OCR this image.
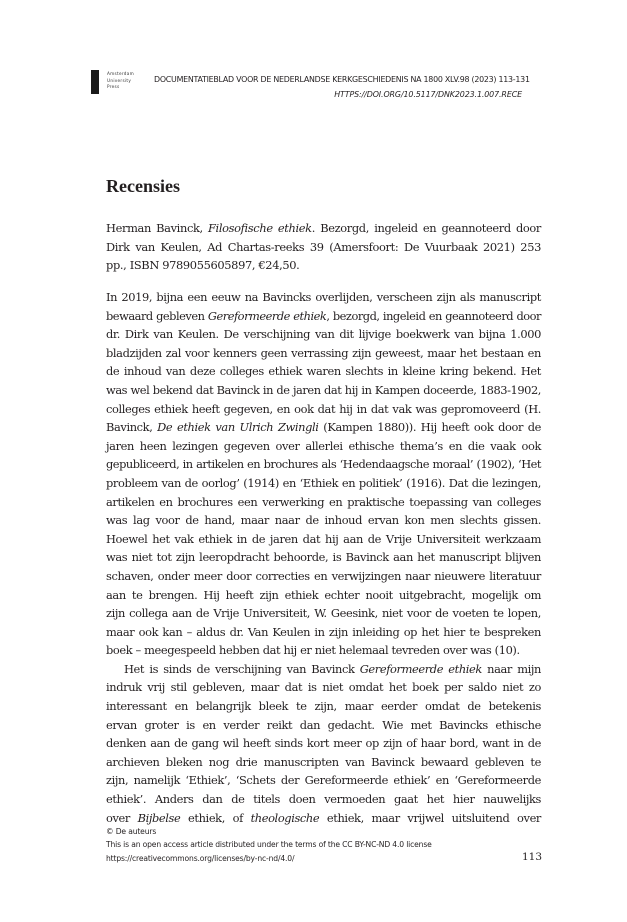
Amsterdam
University
Press
DOCUMENTATIEBLAD VOOR DE NEDERLANDSE KERKGESCHIEDENIS NA 1800 XLV.98 (2023) 113-131
HTTPS://DOI.ORG/10.5117/DNK2023.1.007.RECE
Recensies
Herman Bavinck, Filosofische ethiek. Bezorgd, ingeleid en geannoteerd door
Dirk van Keulen, Ad Chartas-reeks 39 (Amersfoort: De Vuurbaak 2021) 253
pp., ISBN 9789055605897, €24,50.
In 2019, bijna een eeuw na Bavincks overlijden, verscheen zijn als manuscript
bewaard gebleven Gereformeerde ethiek, bezorgd, ingeleid en geannoteerd door
dr. Dirk van Keulen. De verschijning van dit lijvige boekwerk van bijna 1.000
bladzijden zal voor kenners geen verrassing zijn geweest, maar het bestaan en
de inhoud van deze colleges ethiek waren slechts in kleine kring bekend. Het
was wel bekend dat Bavinck in de jaren dat hij in Kampen doceerde, 1883-1902,
colleges ethiek heeft gegeven, en ook dat hij in dat vak was gepromoveerd (H.
Bavinck, De ethiek van Ulrich Zwingli (Kampen 1880)). Hij heeft ook door de
jaren heen lezingen gegeven over allerlei ethische thema’s en die vaak ook
gepubliceerd, in artikelen en brochures als ‘Hedendaagsche moraal’ (1902), ‘Het
probleem van de oorlog’ (1914) en ‘Ethiek en politiek’ (1916). Dat die lezingen,
artikelen en brochures een verwerking en praktische toepassing van colleges
was lag voor de hand, maar naar de inhoud ervan kon men slechts gissen.
Hoewel het vak ethiek in de jaren dat hij aan de Vrije Universiteit werkzaam
was niet tot zijn leeropdracht behoorde, is Bavinck aan het manuscript blijven
schaven, onder meer door correcties en verwijzingen naar nieuwere literatuur
aan te brengen. Hij heeft zijn ethiek echter nooit uitgebracht, mogelijk om
zijn collega aan de Vrije Universiteit, W. Geesink, niet voor de voeten te lopen,
maar ook kan – aldus dr. Van Keulen in zijn inleiding op het hier te bespreken
boek – meegespeeld hebben dat hij er niet helemaal tevreden over was (10).
Het is sinds de verschijning van Bavinck Gereformeerde ethiek naar mijn
indruk vrij stil gebleven, maar dat is niet omdat het boek per saldo niet zo
interessant en belangrijk bleek te zijn, maar eerder omdat de betekenis
ervan groter is en verder reikt dan gedacht. Wie met Bavincks ethische
denken aan de gang wil heeft sinds kort meer op zijn of haar bord, want in de
archieven bleken nog drie manuscripten van Bavinck bewaard gebleven te
zijn, namelijk ‘Ethiek’, ‘Schets der Gereformeerde ethiek’ en ‘Gereformeerde
ethiek’. Anders dan de titels doen vermoeden gaat het hier nauwelijks
over Bijbelse ethiek, of theologische ethiek, maar vrijwel uitsluitend over
© De auteurs
This is an open access article distributed under the terms of the CC BY-NC-ND 4.0 license
https://creativecommons.org/licenses/by-nc-nd/4.0/	113
